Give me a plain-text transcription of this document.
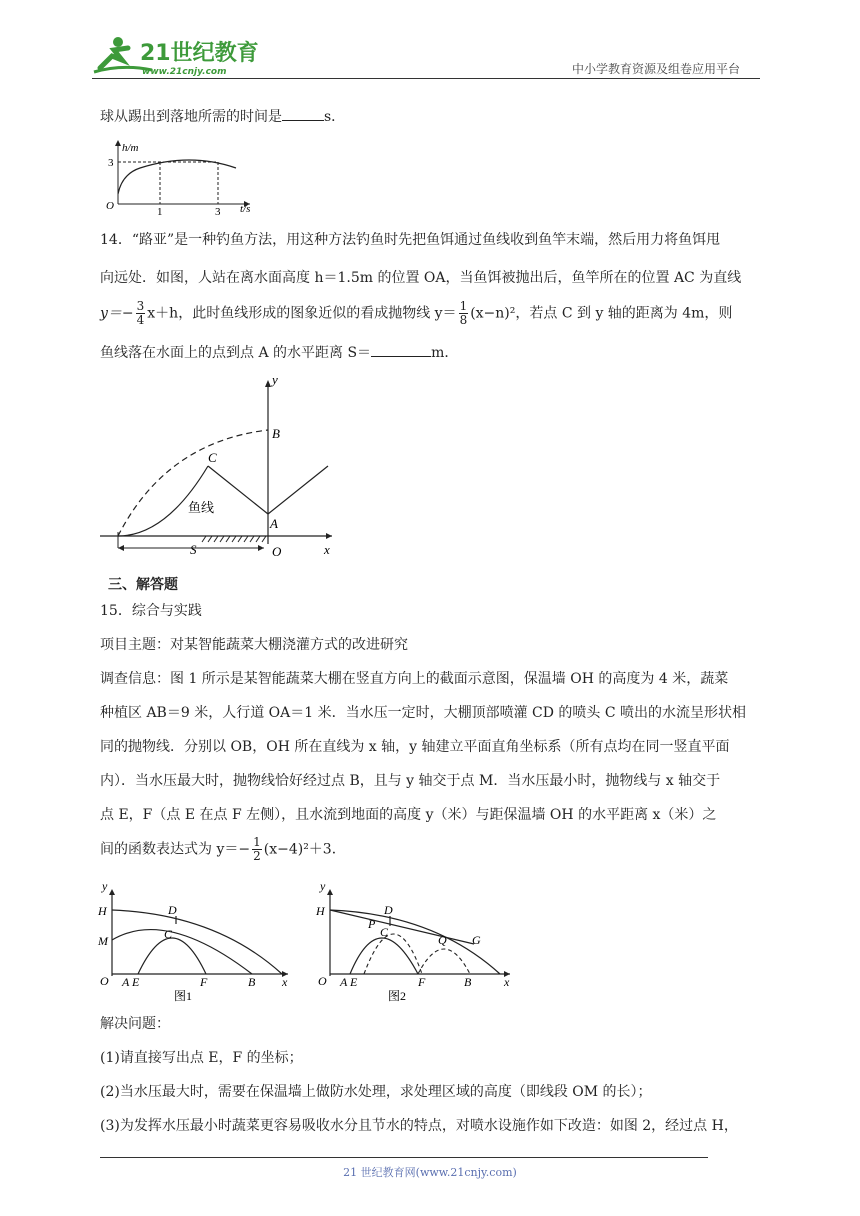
21世纪教育
www.21cnjy.com	中小学教育资源及组卷应用平台
球从踢出到落地所需的时间是	s．
h/m
t/s
O
3
1	3
14．“路亚”是一种钓鱼方法，用这种方法钓鱼时先把鱼饵通过鱼线收到鱼竿末端，然后用力将鱼饵甩
向远处．如图，人站在离水面高度 h＝1.5m 的位置 OA，当鱼饵被抛出后，鱼竿所在的位置 AC 为直线
$y=- \frac{3}{4} x+h$，此时鱼线形成的图象近似的看成抛物线 $y= \frac{1}{8} (x-n)^2$，若点 C 到 y 轴的距离为 4m，则
鱼线落在水面上的点到点 A 的水平距离 S＝	m．
y
x
B
C
A
O
S
鱼线
三、解答题
15．综合与实践
项目主题：对某智能蔬菜大棚浇灌方式的改进研究
调查信息：图 1 所示是某智能蔬菜大棚在竖直方向上的截面示意图，保温墙 OH 的高度为 4 米，蔬菜
种植区 AB＝9 米，人行道 OA＝1 米．当水压一定时，大棚顶部喷灌 CD 的喷头 C 喷出的水流呈形状相
同的抛物线．分别以 OB，OH 所在直线为 x 轴，y 轴建立平面直角坐标系（所有点均在同一竖直平面
内）．当水压最大时，抛物线恰好经过点 B，且与 y 轴交于点 M．当水压最小时，抛物线与 x 轴交于
点 E，F（点 E 在点 F 左侧），且水流到地面的高度 y（米）与距保温墙 OH 的水平距离 x（米）之
间的函数表达式为 $y=- \frac{1}{2} (x-4)^2+3$．
y
x
H	D
M	C
O A E	F	B
图1
y
x
H	D
P
C
Q G
O A E	F	B
图2
解决问题：
(1)请直接写出点 E，F 的坐标；
(2)当水压最大时，需要在保温墙上做防水处理，求处理区域的高度（即线段 OM 的长）；
(3)为发挥水压最小时蔬菜更容易吸收水分且节水的特点，对喷水设施作如下改造：如图 2，经过点 H，
21 世纪教育网(www.21cnjy.com)
